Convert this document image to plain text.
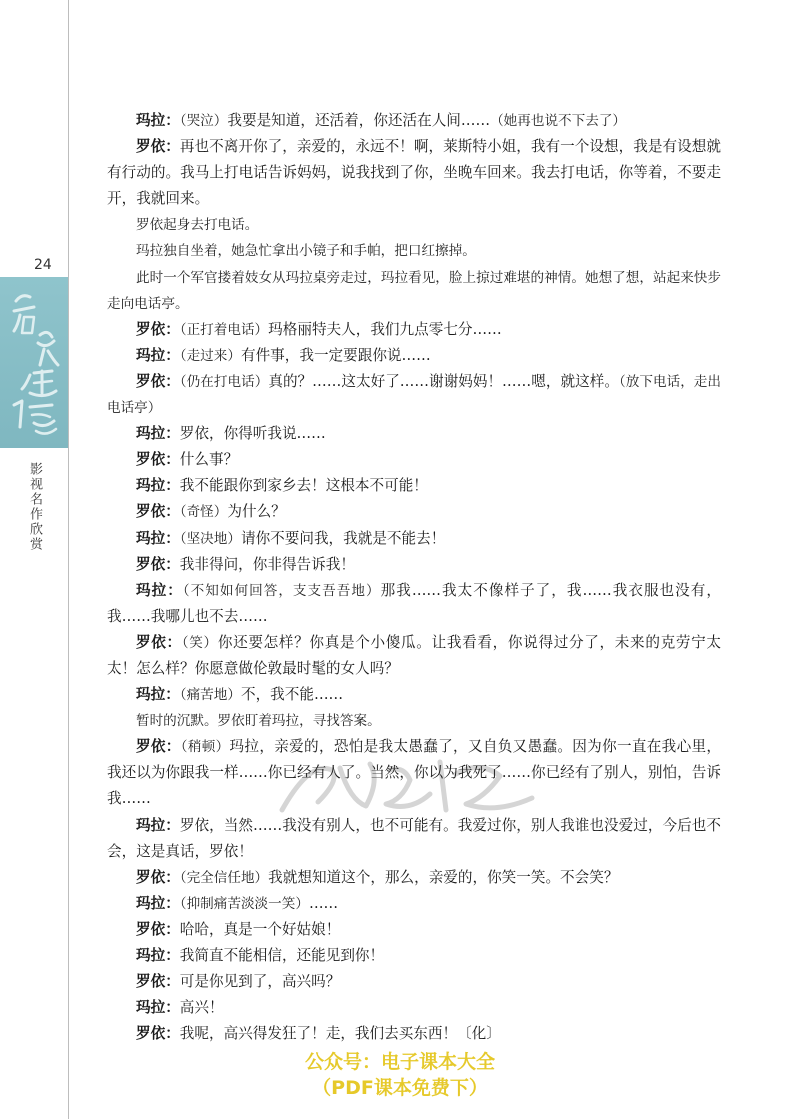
24
影视名作欣赏

玛拉：（哭泣）我要是知道，还活着，你还活在人间……（她再也说不下去了）

罗依：再也不离开你了，亲爱的，永远不！啊，莱斯特小姐，我有一个设想，我是有设想就有行动的。我马上打电话告诉妈妈，说我找到了你，坐晚车回来。我去打电话，你等着，不要走开，我就回来。

罗依起身去打电话。

玛拉独自坐着，她急忙拿出小镜子和手帕，把口红擦掉。

此时一个军官搂着妓女从玛拉桌旁走过，玛拉看见，脸上掠过难堪的神情。她想了想，站起来快步走向电话亭。

罗依：（正打着电话）玛格丽特夫人，我们九点零七分……

玛拉：（走过来）有件事，我一定要跟你说……

罗依：（仍在打电话）真的？……这太好了……谢谢妈妈！……嗯，就这样。（放下电话，走出电话亭）

玛拉：罗依，你得听我说……

罗依：什么事？

玛拉：我不能跟你到家乡去！这根本不可能！

罗依：（奇怪）为什么？

玛拉：（坚决地）请你不要问我，我就是不能去！

罗依：我非得问，你非得告诉我！

玛拉：（不知如何回答，支支吾吾地）那我……我太不像样子了，我……我衣服也没有，我……我哪儿也不去……

罗依：（笑）你还要怎样？你真是个小傻瓜。让我看看，你说得过分了，未来的克劳宁太太！怎么样？你愿意做伦敦最时髦的女人吗？

玛拉：（痛苦地）不，我不能……

暂时的沉默。罗依盯着玛拉，寻找答案。

罗依：（稍顿）玛拉，亲爱的，恐怕是我太愚蠢了，又自负又愚蠢。因为你一直在我心里，我还以为你跟我一样……你已经有人了。当然，你以为我死了……你已经有了别人，别怕，告诉我……

玛拉：罗依，当然……我没有别人，也不可能有。我爱过你，别人我谁也没爱过，今后也不会，这是真话，罗依！

罗依：（完全信任地）我就想知道这个，那么，亲爱的，你笑一笑。不会笑？

玛拉：（抑制痛苦淡淡一笑）……

罗依：哈哈，真是一个好姑娘！

玛拉：我简直不能相信，还能见到你！

罗依：可是你见到了，高兴吗？

玛拉：高兴！

罗依：我呢，高兴得发狂了！走，我们去买东西！〔化〕

公众号：电子课本大全
（PDF课本免费下）
